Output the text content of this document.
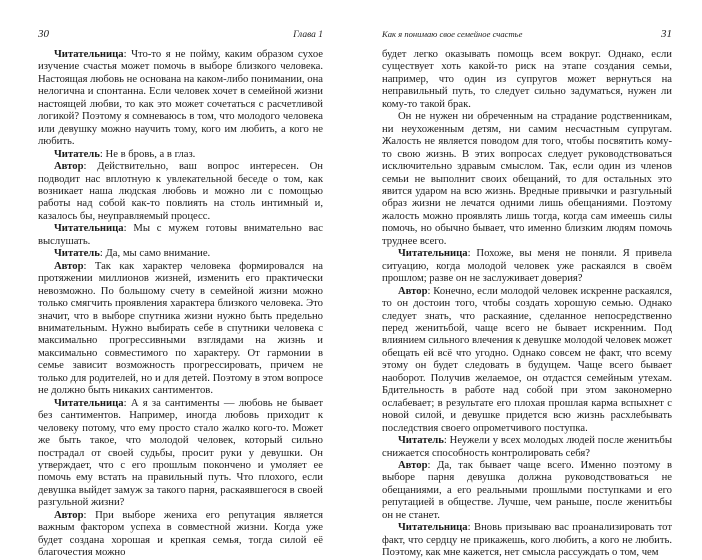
30	Глава 1

Читательница: Что-то я не пойму, каким образом сухое изучение счастья может помочь в выборе близкого человека. Настоящая любовь не основана на каком-либо понимании, она нелогична и спонтанна. Если человек хочет в семейной жизни настоящей любви, то как это может сочетаться с расчетливой логикой? Поэтому я сомневаюсь в том, что молодого человека или девушку можно научить тому, кого им любить, а кого не любить.

Читатель: Не в бровь, а в глаз.

Автор: Действительно, ваш вопрос интересен. Он подводит нас вплотную к увлекательной беседе о том, как возникает наша людская любовь и можно ли с помощью работы над собой как-то повлиять на столь интимный и, казалось бы, неуправляемый процесс.

Читательница: Мы с мужем готовы внимательно вас выслушать.

Читатель: Да, мы само внимание.

Автор: Так как характер человека формировался на протяжении миллионов жизней, изменить его практически невозможно. По большому счету в семейной жизни можно только смягчить проявления характера близкого человека. Это значит, что в выборе спутника жизни нужно быть предельно внимательным. Нужно выбирать себе в спутники человека с максимально прогрессивными взглядами на жизнь и максимально совместимого по характеру. От гармонии в семье зависит возможность прогрессировать, причем не только для родителей, но и для детей. Поэтому в этом вопросе не должно быть никаких сантиментов.

Читательница: А я за сантименты — любовь не бывает без сантиментов. Например, иногда любовь приходит к человеку потому, что ему просто стало жалко кого-то. Может же быть такое, что молодой человек, который сильно пострадал от своей судьбы, просит руки у девушки. Он утверждает, что с его прошлым покончено и умоляет ее помочь ему встать на правильный путь. Что плохого, если девушка выйдет замуж за такого парня, раскаявшегося в своей разгульной жизни?

Автор: При выборе жениха его репутация является важным фактором успеха в совместной жизни. Когда уже будет создана хорошая и крепкая семья, тогда силой её благочестия можно

Как я понимаю свое семейное счастье	31

будет легко оказывать помощь всем вокруг. Однако, если существует хоть какой-то риск на этапе создания семьи, например, что один из супругов может вернуться на неправильный путь, то следует сильно задуматься, нужен ли кому-то такой брак.

Он не нужен ни обреченным на страдание родственникам, ни неухоженным детям, ни самим несчастным супругам. Жалость не является поводом для того, чтобы посвятить кому-то свою жизнь. В этих вопросах следует руководствоваться исключительно здравым смыслом. Так, если один из членов семьи не выполнит своих обещаний, то для остальных это явится ударом на всю жизнь. Вредные привычки и разгульный образ жизни не лечатся одними лишь обещаниями. Поэтому жалость можно проявлять лишь тогда, когда сам имеешь силы помочь, но обычно бывает, что именно близким людям помочь труднее всего.

Читательница: Похоже, вы меня не поняли. Я привела ситуацию, когда молодой человек уже раскаялся в своём прошлом; разве он не заслуживает доверия?

Автор: Конечно, если молодой человек искренне раскаялся, то он достоин того, чтобы создать хорошую семью. Однако следует знать, что раскаяние, сделанное непосредственно перед женитьбой, чаще всего не бывает искренним. Под влиянием сильного влечения к девушке молодой человек может обещать ей всё что угодно. Однако совсем не факт, что всему этому он будет следовать в будущем. Чаще всего бывает наоборот. Получив желаемое, он отдастся семейным утехам. Бдительность в работе над собой при этом закономерно ослабевает; в результате его плохая прошлая карма вспыхнет с новой силой, и девушке придется всю жизнь расхлебывать последствия своего опрометчивого поступка.

Читатель: Неужели у всех молодых людей после женитьбы снижается способность контролировать себя?

Автор: Да, так бывает чаще всего. Именно поэтому в выборе парня девушка должна руководствоваться не обещаниями, а его реальными прошлыми поступками и его репутацией в обществе. Лучше, чем раньше, после женитьбы он не станет.

Читательница: Вновь призываю вас проанализировать тот факт, что сердцу не прикажешь, кого любить, а кого не любить. Поэтому, как мне кажется, нет смысла рассуждать о том, чем
